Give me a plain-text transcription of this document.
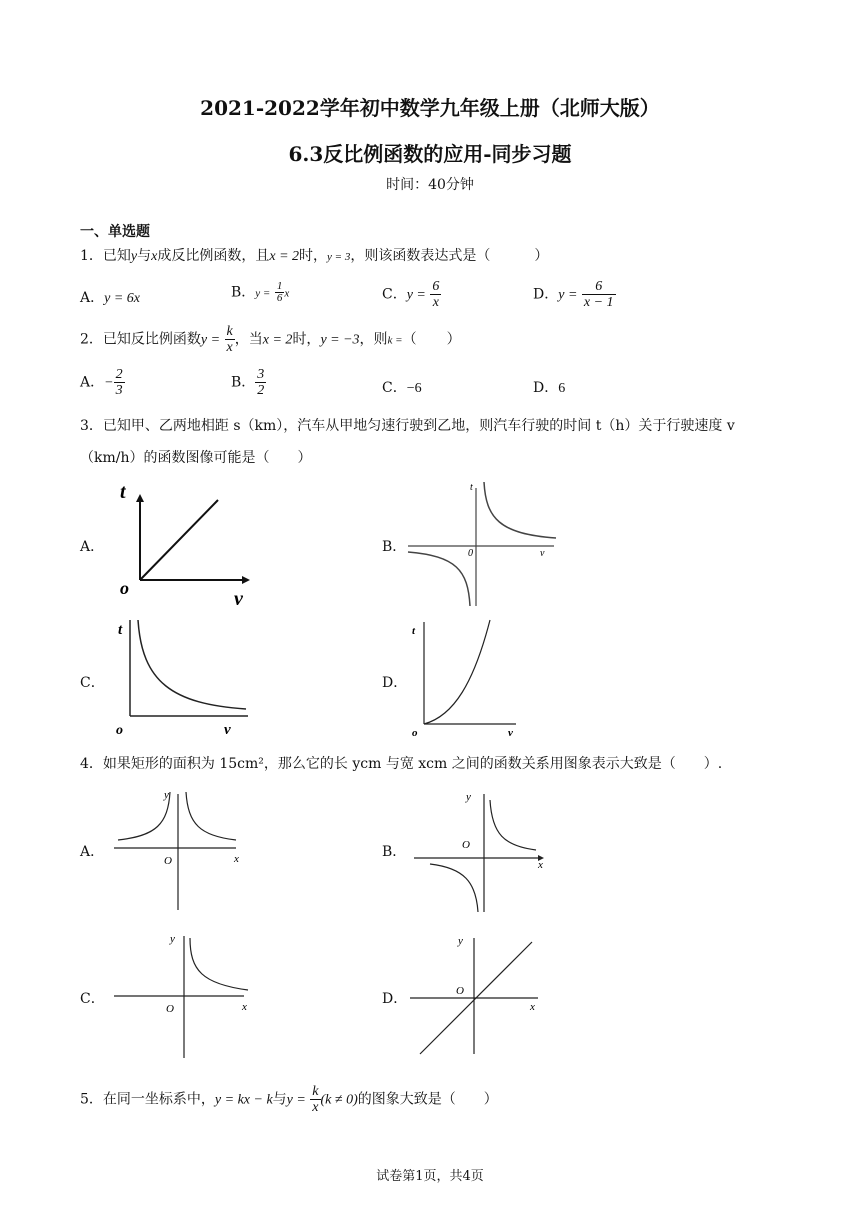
2021-2022学年初中数学九年级上册（北师大版）
6.3反比例函数的应用-同步习题
时间：40分钟
一、单选题
1．已知y与x成反比例函数，且x = 2时，y = 3，则该函数表达式是（	）
A．y = 6x	B．$y = \frac{1}{6}$ x	C．$y = \frac{6}{x}$	D．$y = \frac{6}{x - 1}$
2．已知反比例函数$y = \frac{k}{x}$ ，当x = 2时，y = −3，则k =（ ）
A．− $\frac{2}{3}$	B． $\frac{3}{2}$	C．−6	D．6
3．已知甲、乙两地相距 s（km），汽车从甲地匀速行驶到乙地，则汽车行驶的时间 t（h）关于行驶速度 v
（km/h）的函数图像可能是（　　）
A．
t
v
o
B．
t
v
0
C．
t
v
o
D．
t
v
o
4．如果矩形的面积为 15cm²，那么它的长 ycm 与宽 xcm 之间的函数关系用图象表示大致是（　　）.
A．
y
x
O
B．
y
x
O
C．
y
x
O
D．
y
x
O
5．在同一坐标系中，y = kx − k与$y = \frac{k}{x} (k \ne 0)$的图象大致是（　　）
试卷第1页，共4页
